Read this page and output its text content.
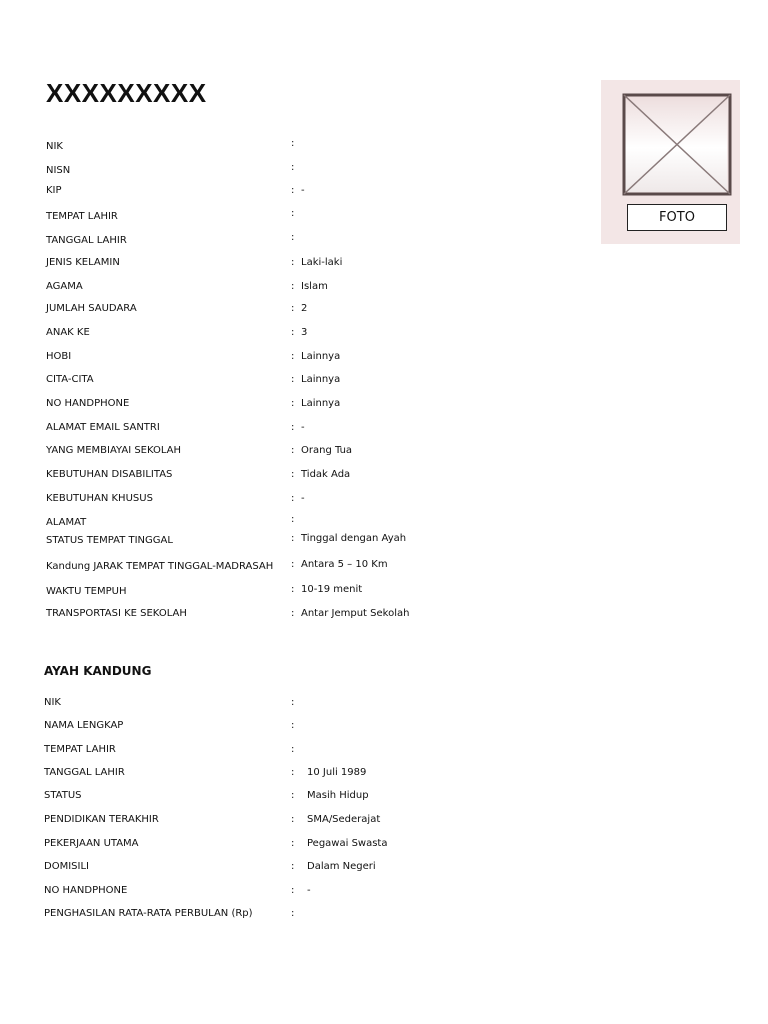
XXXXXXXXX
NIK	:
NISN	:
KIP	: -
TEMPAT LAHIR	:
TANGGAL LAHIR	:
JENIS KELAMIN	: Laki-laki
AGAMA	: Islam
JUMLAH SAUDARA	: 2
ANAK KE	: 3
HOBI	: Lainnya
CITA-CITA	: Lainnya
NO HANDPHONE	: Lainnya
ALAMAT EMAIL SANTRI	: -
YANG MEMBIAYAI SEKOLAH	: Orang Tua
KEBUTUHAN DISABILITAS	: Tidak Ada
KEBUTUHAN KHUSUS	: -
ALAMAT	:
STATUS TEMPAT TINGGAL	: Tinggal dengan Ayah
Kandung JARAK TEMPAT TINGGAL-MADRASAH : Antara 5 – 10 Km
WAKTU TEMPUH	: 10-19 menit
TRANSPORTASI KE SEKOLAH	: Antar Jemput Sekolah
AYAH KANDUNG
NIK	:
NAMA LENGKAP	:
TEMPAT LAHIR	:
TANGGAL LAHIR	: 10 Juli 1989
STATUS	: Masih Hidup
PENDIDIKAN TERAKHIR	: SMA/Sederajat
PEKERJAAN UTAMA	: Pegawai Swasta
DOMISILI	: Dalam Negeri
NO HANDPHONE	: -
PENGHASILAN RATA-RATA PERBULAN (Rp)	:
FOTO
